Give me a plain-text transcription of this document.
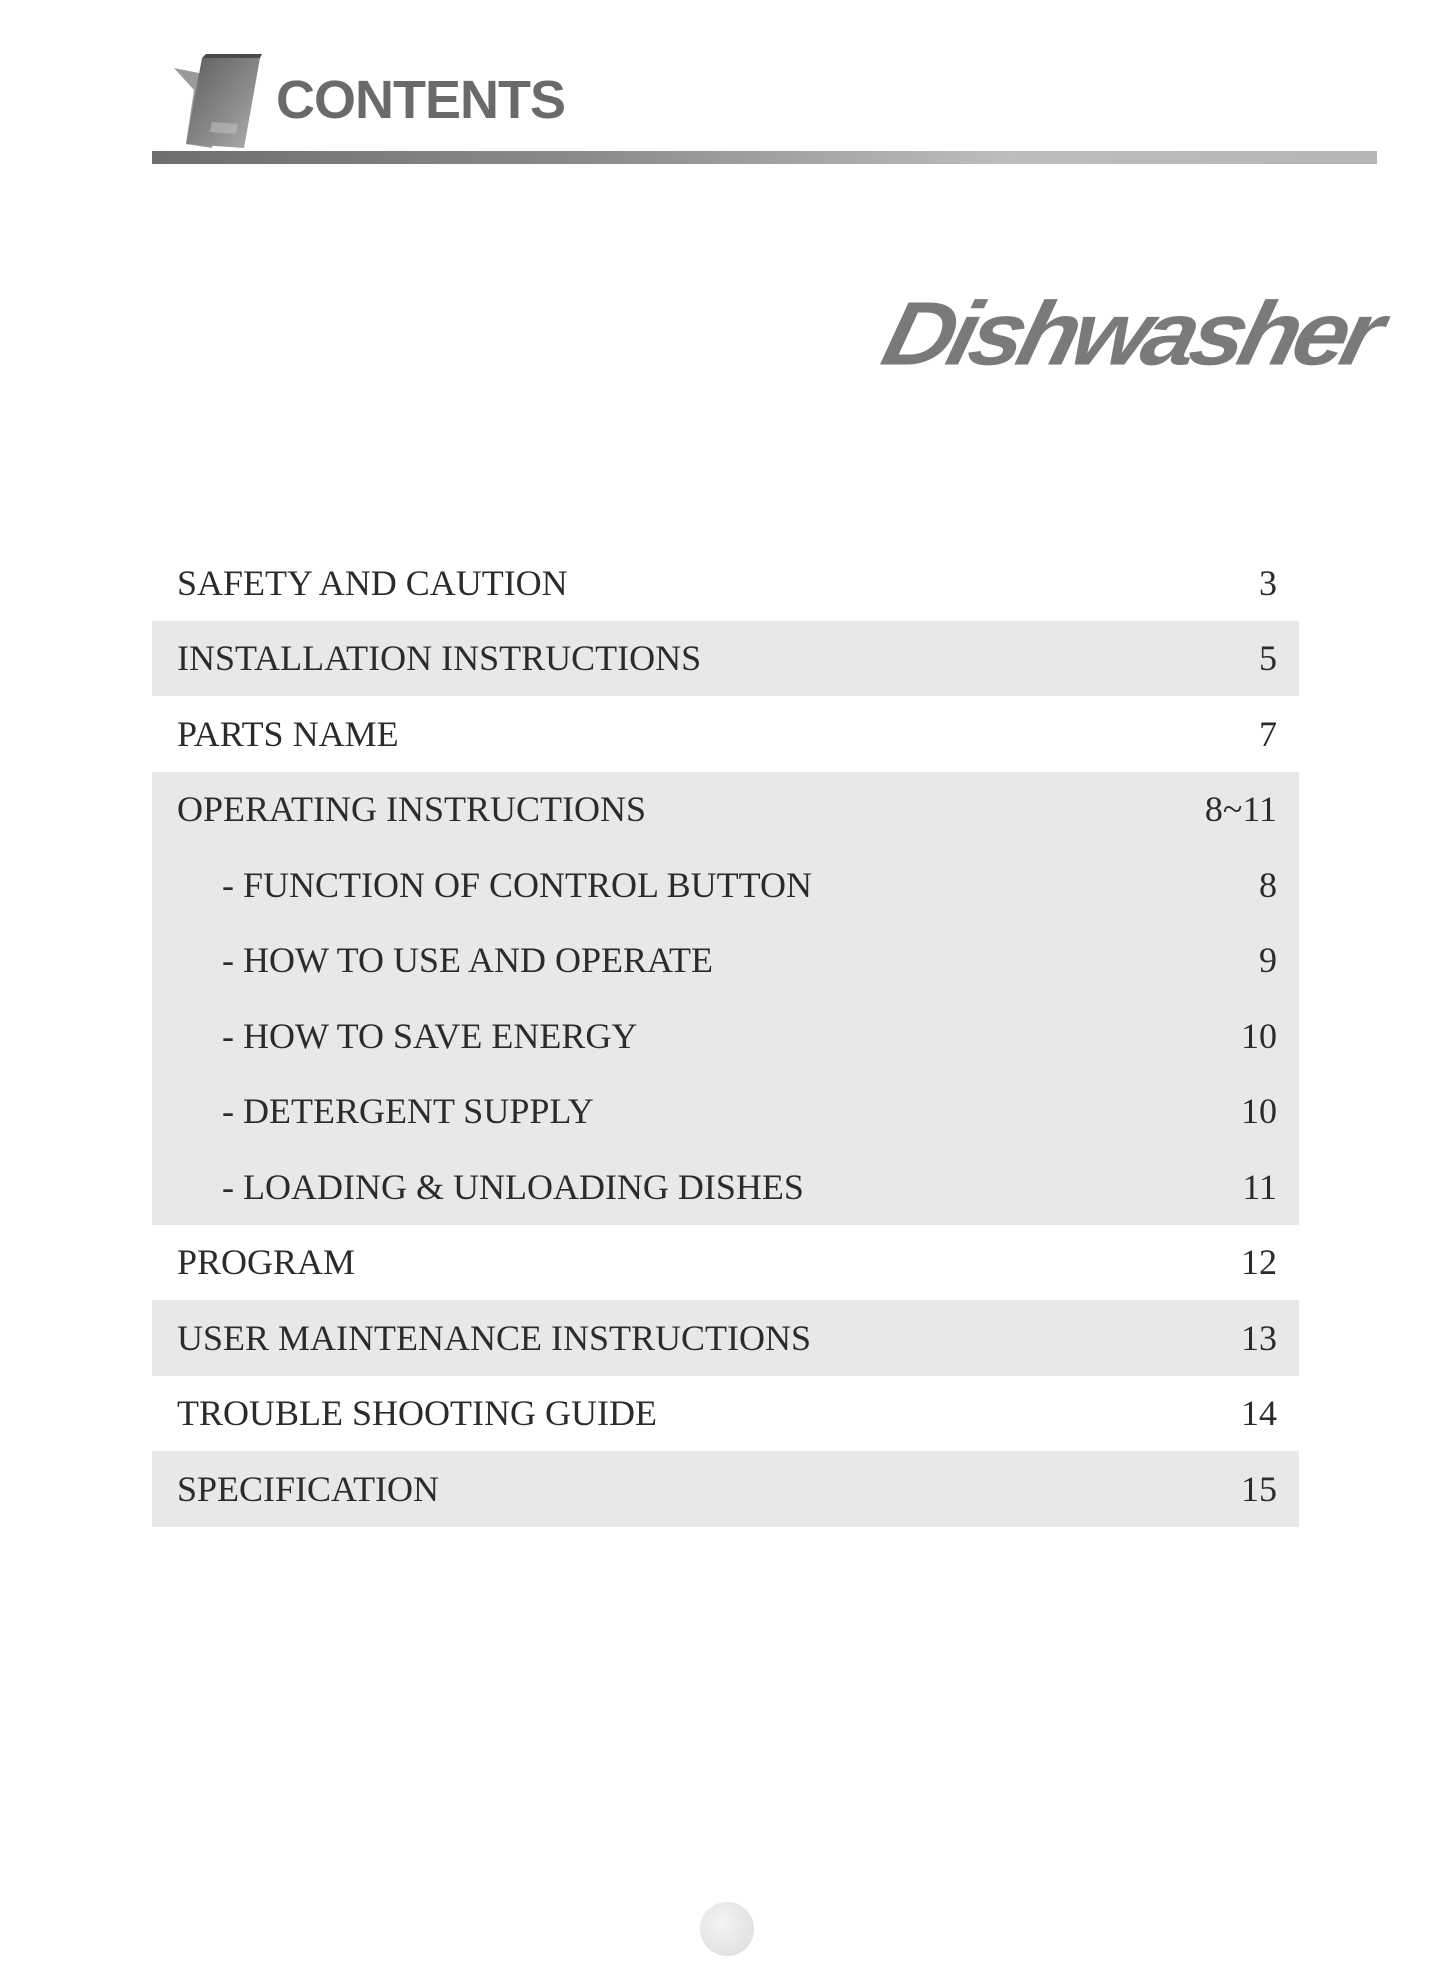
CONTENTS
Dishwasher
SAFETY AND CAUTION	3
INSTALLATION INSTRUCTIONS	5
PARTS NAME	7
OPERATING INSTRUCTIONS	8~11
- FUNCTION OF CONTROL BUTTON	8
- HOW TO USE AND OPERATE	9
- HOW TO SAVE ENERGY	10
- DETERGENT SUPPLY	10
- LOADING & UNLOADING DISHES	11
PROGRAM	12
USER MAINTENANCE INSTRUCTIONS	13
TROUBLE SHOOTING GUIDE	14
SPECIFICATION	15
